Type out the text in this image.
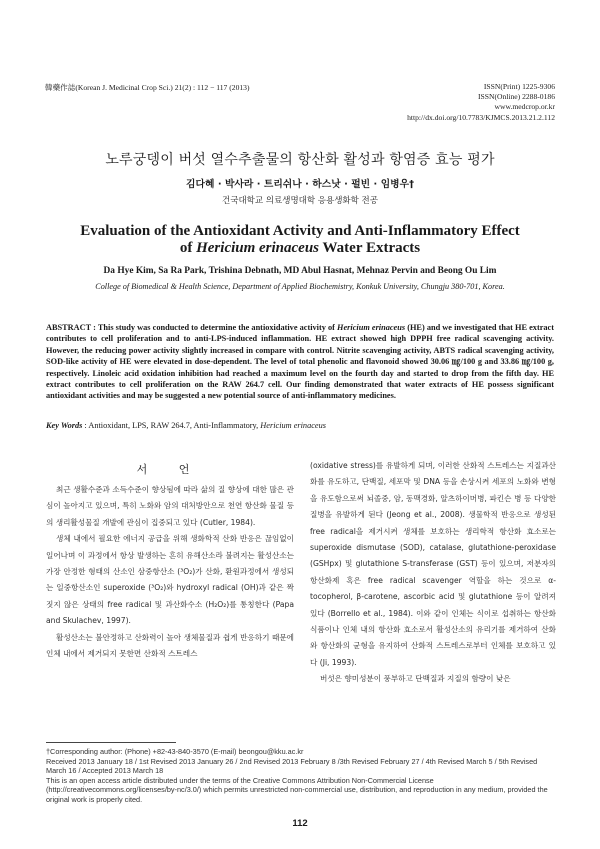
韓藥作誌(Korean J. Medicinal Crop Sci.) 21(2) : 112 − 117 (2013)	ISSN(Print) 1225-9306
ISSN(Online) 2288-0186
www.medcrop.or.kr
http://dx.doi.org/10.7783/KJMCS.2013.21.2.112
노루궁뎅이 버섯 열수추출물의 항산화 활성과 항염증 효능 평가
김다혜 · 박사라 · 트리쉬나 · 하스낫 · 펄빈 · 임병우†
건국대학교 의료생명대학 응용생화학 전공
Evaluation of the Antioxidant Activity and Anti-Inflammatory Effect
of Hericium erinaceus Water Extracts
Da Hye Kim, Sa Ra Park, Trishina Debnath, MD Abul Hasnat, Mehnaz Pervin and Beong Ou Lim
College of Biomedical & Health Science, Department of Applied Biochemistry, Konkuk University, Chungju 380-701, Korea.
ABSTRACT : This study was conducted to determine the antioxidative activity of Hericium erinaceus (HE) and we investigated that HE extract contributes to cell proliferation and to anti-LPS-induced inflammation. HE extract showed high DPPH free radical scavenging activity. However, the reducing power activity slightly increased in compare with control. Nitrite scavenging activity, ABTS radical scavenging activity, SOD-like activity of HE were elevated in dose-dependent. The level of total phenolic and flavonoid showed 30.06 ㎎/100 g and 33.86 ㎎/100 g, respectively. Linoleic acid oxidation inhibition had reached a maximum level on the fourth day and started to drop from the fifth day. HE extract contributes to cell proliferation on the RAW 264.7 cell. Our finding demonstrated that water extracts of HE possess significant antioxidant activities and may be suggested a new potential source of anti-inflammatory medicines.
Key Words : Antioxidant, LPS, RAW 264.7, Anti-Inflammatory, Hericium erinaceus
서 언

최근 생활수준과 소득수준이 향상됨에 따라 삶의 질 향상에 대한 많은 관심이 높아지고 있으며, 특히 노화와 암의 대처방안으로 천연 항산화 물질 등의 생리활성물질 개발에 관심이 집중되고 있다 (Cutler, 1984).

생체 내에서 필요한 에너지 공급을 위해 생화학적 산화 반응은 끊임없이 일어나며 이 과정에서 항상 발생하는 흔히 유해산소라 불려지는 활성산소는 가장 안정한 형태의 산소인 삼중항산소 (³O₂)가 산화, 환원과정에서 생성되는 일중항산소인 superoxide (³O₂)와 hydroxyl radical (OH)과 같은 짝짓지 않은 상태의 free radical 및 과산화수소 (H₂O₂)를 통칭한다 (Papa and Skulachev, 1997).

활성산소는 불안정하고 산화력이 높아 생체물질과 쉽게 반응하기 때문에 인체 내에서 제거되지 못한면 산화적 스트레스

(oxidative stress)를 유발하게 되며, 이러한 산화적 스트레스는 지질과산화를 유도하고, 단백질, 세포막 및 DNA 등을 손상시켜 세포의 노화와 변형을 유도함으로써 뇌졸중, 암, 동맥경화, 알츠하이머병, 파킨슨 병 등 다양한 질병을 유발하게 된다 (Jeong et al., 2008). 생물학적 반응으로 생성된 free radical을 제거시켜 생체를 보호하는 생리학적 항산화 효소로는 superoxide dismutase (SOD), catalase, glutathione-peroxidase (GSHpx) 및 glutathione S-transferase (GST) 등이 있으며, 저분자의 항산화제 혹은 free radical scavenger 역할을 하는 것으로 α-tocopherol, β-carotene, ascorbic acid 및 glutathione 등이 알려져 있다 (Borrello et al., 1984). 이와 같이 인체는 식이로 섭취하는 항산화 식품이나 인체 내의 항산화 효소로서 활성산소의 유리기를 제거하여 산화와 항산화의 균형을 유지하여 산화적 스트레스로부터 인체를 보호하고 있다 (Ji, 1993).

버섯은 향미성분이 풍부하고 단백질과 지질의 함량이 낮은

†Corresponding author: (Phone) +82-43-840-3570 (E-mail) beongou@kku.ac.kr
Received 2013 January 18 / 1st Revised 2013 January 26 / 2nd Revised 2013 February 8 /3th Revised February 27 / 4th Revised March 5 / 5th Revised March 16 / Accepted 2013 March 18
This is an open access article distributed under the terms of the Creative Commons Attribution Non-Commercial License (http://creativecommons.org/licenses/by-nc/3.0/) which permits unrestricted non-commercial use, distribution, and reproduction in any medium, provided the original work is properly cited.
112
